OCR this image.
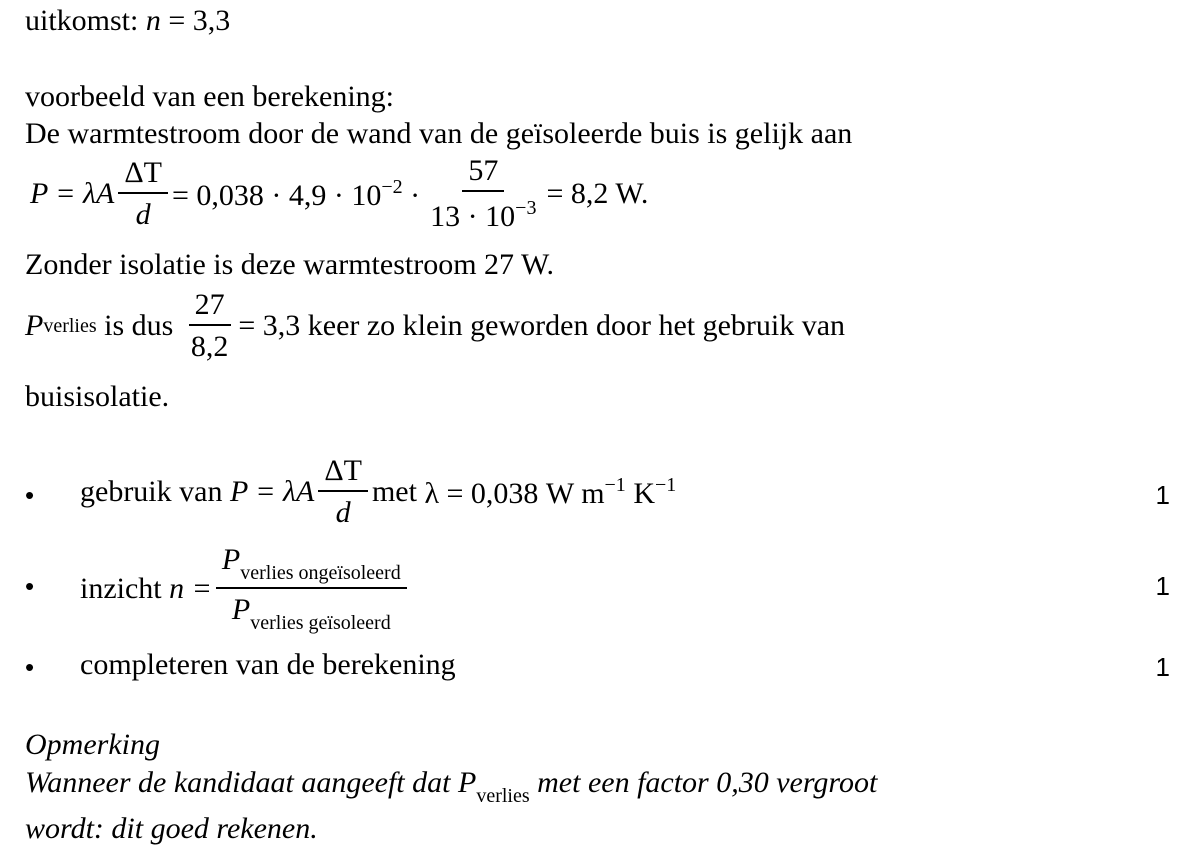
uitkomst: n = 3,3
voorbeeld van een berekening:
De warmtestroom door de wand van de geïsoleerde buis is gelijk aan
P = λA $\frac{\Delta T}{d} = 0,038 \cdot 4,9 \cdot 10^{-2} \cdot \frac{57}{13 \cdot 10^{-3}} = 8,2$ W.
Zonder isolatie is deze warmtestroom 27 W.
P verlies is dus $\frac{27}{8,2} = 3,3$ keer zo klein geworden door het gebruik van
buisisolatie.
• gebruik van P = λA $\frac{\Delta T}{d}$ met λ = 0,038 W $m^{-1}$ $K^{-1}$	1
• inzicht $n = \frac{P_{verlies ongeïsoleerd}}{P_{verlies geïsoleerd}}$	1
• completeren van de berekening	1
Opmerking
Wanneer de kandidaat aangeeft dat $P_{verlies}$ met een factor 0,30 vergroot
wordt: dit goed rekenen.
